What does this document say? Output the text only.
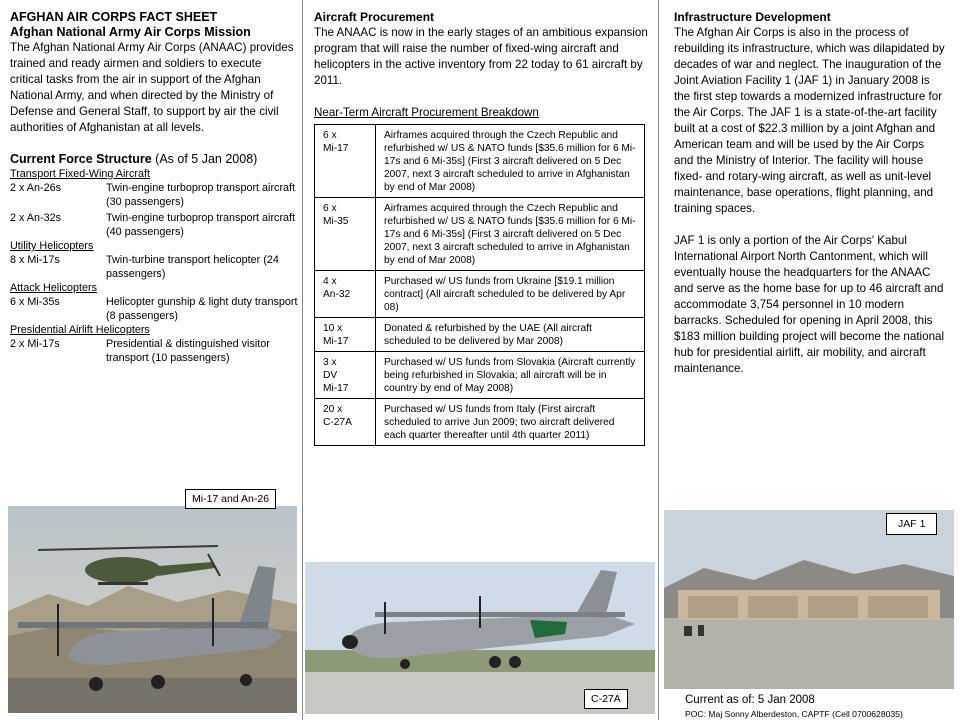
AFGHAN AIR CORPS FACT SHEET

Afghan National Army Air Corps Mission

The Afghan National Army Air Corps (ANAAC) provides trained and ready airmen and soldiers to execute critical tasks from the air in support of the Afghan National Army, and when directed by the Ministry of Defense and General Staff, to support by air the civil authorities of Afghanistan at all levels.

Current Force Structure (As of 5 Jan 2008)

Transport Fixed-Wing Aircraft

2 x An-26s	Twin-engine turboprop transport aircraft (30 passengers)
2 x An-32s	Twin-engine turboprop transport aircraft (40 passengers)

Utility Helicopters

8 x Mi-17s	Twin-turbine transport helicopter (24 passengers)

Attack Helicopters

6 x Mi-35s	Helicopter gunship & light duty transport (8 passengers)

Presidential Airlift Helicopters

2 x Mi-17s	Presidential & distinguished visitor transport (10 passengers)
Mi-17 and An-26

Aircraft Procurement

The ANAAC is now in the early stages of an ambitious expansion program that will raise the number of fixed-wing aircraft and helicopters in the active inventory from 22 today to 61 aircraft by 2011.

Near-Term Aircraft Procurement Breakdown

6 x
Mi-17	Airframes acquired through the Czech Republic and refurbished w/ US & NATO funds [$35.6 million for 6 Mi-17s and 6 Mi-35s] (First 3 aircraft delivered on 5 Dec 2007, next 3 aircraft scheduled to arrive in Afghanistan by end of Mar 2008)
6 x
Mi-35	Airframes acquired through the Czech Republic and refurbished w/ US & NATO funds [$35.6 million for 6 Mi-17s and 6 Mi-35s] (First 3 aircraft delivered on 5 Dec 2007, next 3 aircraft scheduled to arrive in Afghanistan by end of Mar 2008)
4 x
An-32	Purchased w/ US funds from Ukraine [$19.1 million contract] (All aircraft scheduled to be delivered by Apr 08)
10 x
Mi-17	Donated & refurbished by the UAE (All aircraft scheduled to be delivered by Mar 2008)
3 x
DV
Mi-17	Purchased w/ US funds from Slovakia (Aircraft currently being refurbished in Slovakia; all aircraft will be in country by end of May 2008)
20 x
C-27A	Purchased w/ US funds from Italy (First aircraft scheduled to arrive Jun 2009; two aircraft delivered each quarter thereafter until 4th quarter 2011)
C-27A

Infrastructure Development

The Afghan Air Corps is also in the process of rebuilding its infrastructure, which was dilapidated by decades of war and neglect. The inauguration of the Joint Aviation Facility 1 (JAF 1) in January 2008 is the first step towards a modernized infrastructure for the Air Corps. The JAF 1 is a state-of-the-art facility built at a cost of $22.3 million by a joint Afghan and American team and will be used by the Air Corps and the Ministry of Interior. The facility will house fixed- and rotary-wing aircraft, as well as unit-level maintenance, base operations, flight planning, and training spaces.

JAF 1 is only a portion of the Air Corps' Kabul International Airport North Cantonment, which will eventually house the headquarters for the ANAAC and serve as the home base for up to 46 aircraft and accommodate 3,754 personnel in 10 modern barracks. Scheduled for opening in April 2008, this $183 million building project will become the national hub for presidential airlift, air mobility, and aircraft maintenance.

JAF 1
Current as of: 5 Jan 2008
POC: Maj Sonny Alberdeston, CAPTF (Cell 0700628035)
